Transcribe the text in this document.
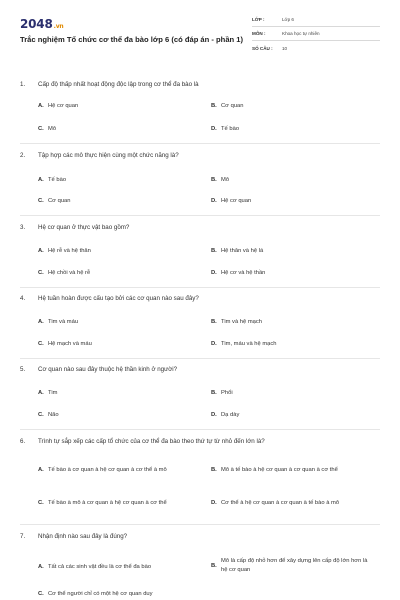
2048.vn
Trắc nghiệm Tổ chức cơ thể đa bào lớp 6 (có đáp án - phần 1)
LỚP :	Lớp 6
MÔN :	Khoa học tự nhiên
SỐ CÂU :	10
1. Cấp độ thấp nhất hoạt động độc lập trong cơ thể đa bào là
A. Hệ cơ quan	B. Cơ quan
C. Mô	D. Tế bào
2. Tập hợp các mô thực hiện cùng một chức năng là?
A. Tế bào	B. Mô
C. Cơ quan	D. Hệ cơ quan
3. Hệ cơ quan ở thực vật bao gồm?
A. Hệ rễ và hệ thân	B. Hệ thân và hệ lá
C. Hệ chồi và hệ rễ	D. Hệ cơ và hệ thần
4. Hệ tuần hoàn được cấu tạo bởi các cơ quan nào sau đây?
A. Tim và máu	B. Tim và hệ mạch
C. Hệ mạch và máu	D. Tim, máu và hệ mạch
5. Cơ quan nào sau đây thuộc hệ thần kinh ở người?
A. Tim	B. Phổi
C. Não	D. Dạ dày
6. Trình tự sắp xếp các cấp tổ chức của cơ thể đa bào theo thứ tự từ nhỏ đến lớn là?
A. Tế bào à cơ quan à hệ cơ quan à cơ thể à mô	B. Mô à tế bào à hệ cơ quan à cơ quan à cơ thể
C. Tế bào à mô à cơ quan à hệ cơ quan à cơ thể	D. Cơ thể à hệ cơ quan à cơ quan à tế bào à mô
7. Nhận định nào sau đây là đúng?
A. Tất cả các sinh vật đều là cơ thể đa bào	B.
Mô là cấp độ nhỏ hơn để xây dựng lên cấp độ lớn hơn là hệ cơ quan
C. Cơ thể người chỉ có một hệ cơ quan duy
